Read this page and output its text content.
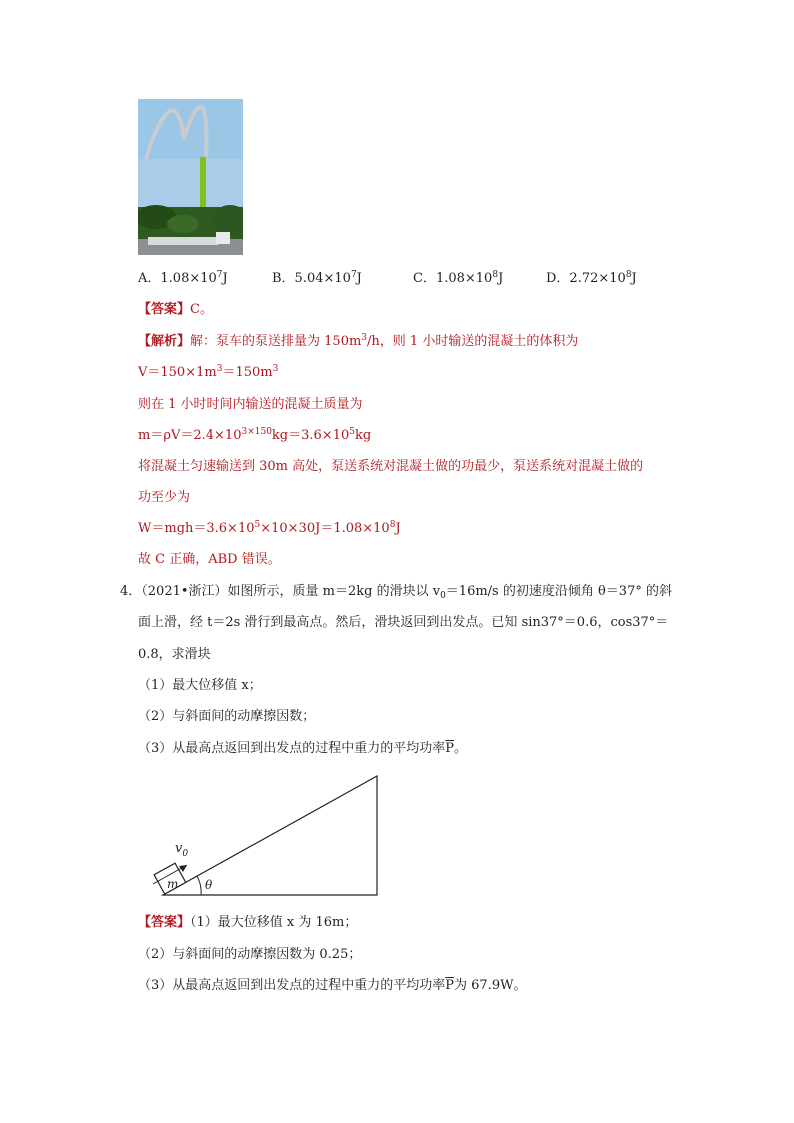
A．$1.08\times 10^7J$	B．$5.04\times 10^7J$	C．$1.08\times 10^8J$	D．$2.72\times 10^8J$
【答案】C。
【解析】解：泵车的泵送排量为 $150m^3/h$，则 1 小时输送的混凝土的体积为
$V=150\times 1m^3=150m^3$
则在 1 小时时间内输送的混凝土质量为
$m=\rho V=2.4\times 10^{3\times 150}kg=3.6\times 10^5kg$
将混凝土匀速输送到 30m 高处，泵送系统对混凝土做的功最少，泵送系统对混凝土做的
功至少为
$W=mgh=3.6\times 10^5\times 10\times 30J=1.08\times 10^8J$
故 C 正确，ABD 错误。
4．（2021•浙江）如图所示，质量 m＝2kg 的滑块以 $v_0=16m/s$ 的初速度沿倾角 θ＝37° 的斜
面上滑，经 t＝2s 滑行到最高点。然后，滑块返回到出发点。已知 sin37°＝0.6，cos37°＝
0.8，求滑块
（1）最大位移值 x；
（2）与斜面间的动摩擦因数；
（3）从最高点返回到出发点的过程中重力的平均功率$\overline{P}$。
$v_0$
m θ
【答案】（1）最大位移值 x 为 16m；
（2）与斜面间的动摩擦因数为 0.25；
（3）从最高点返回到出发点的过程中重力的平均功率$\overline{P}$为 67.9W。
